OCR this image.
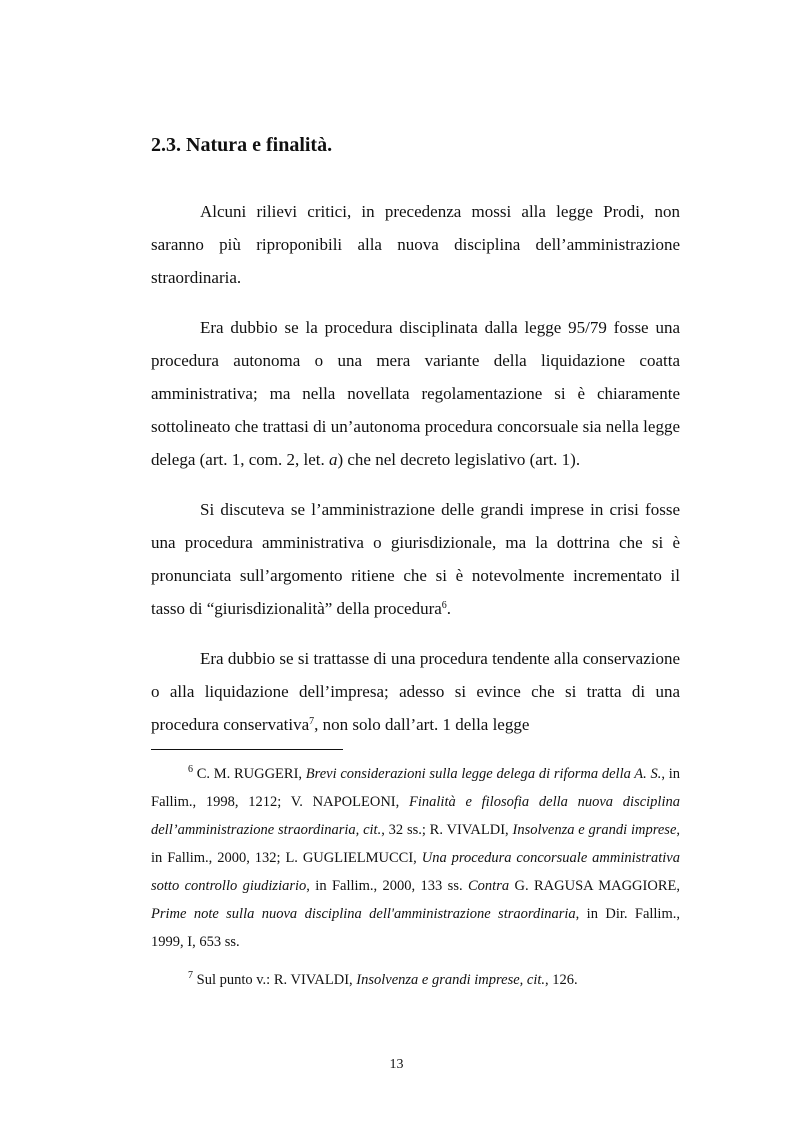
2.3. Natura e finalità.

Alcuni rilievi critici, in precedenza mossi alla legge Prodi, non saranno più riproponibili alla nuova disciplina dell’amministrazione straordinaria.

Era dubbio se la procedura disciplinata dalla legge 95/79 fosse una procedura autonoma o una mera variante della liquidazione coatta amministrativa; ma nella novellata regolamentazione si è chiaramente sottolineato che trattasi di un’autonoma procedura concorsuale sia nella legge delega (art. 1, com. 2, let. a) che nel decreto legislativo (art. 1).

Si discuteva se l’amministrazione delle grandi imprese in crisi fosse una procedura amministrativa o giurisdizionale, ma la dottrina che si è pronunciata sull’argomento ritiene che si è notevolmente incrementato il tasso di “giurisdizionalità” della procedura$^6$.

Era dubbio se si trattasse di una procedura tendente alla conservazione o alla liquidazione dell’impresa; adesso si evince che si tratta di una procedura conservativa$^7$, non solo dall’art. 1 della legge

$^6$ C. M. RUGGERI, Brevi considerazioni sulla legge delega di riforma della A. S., in Fallim., 1998, 1212; V. NAPOLEONI, Finalità e filosofia della nuova disciplina dell’amministrazione straordinaria, cit., 32 ss.; R. VIVALDI, Insolvenza e grandi imprese, in Fallim., 2000, 132; L. GUGLIELMUCCI, Una procedura concorsuale amministrativa sotto controllo giudiziario, in Fallim., 2000, 133 ss. Contra G. RAGUSA MAGGIORE, Prime note sulla nuova disciplina dell'amministrazione straordinaria, in Dir. Fallim., 1999, I, 653 ss.

$^7$ Sul punto v.: R. VIVALDI, Insolvenza e grandi imprese, cit., 126.

13
